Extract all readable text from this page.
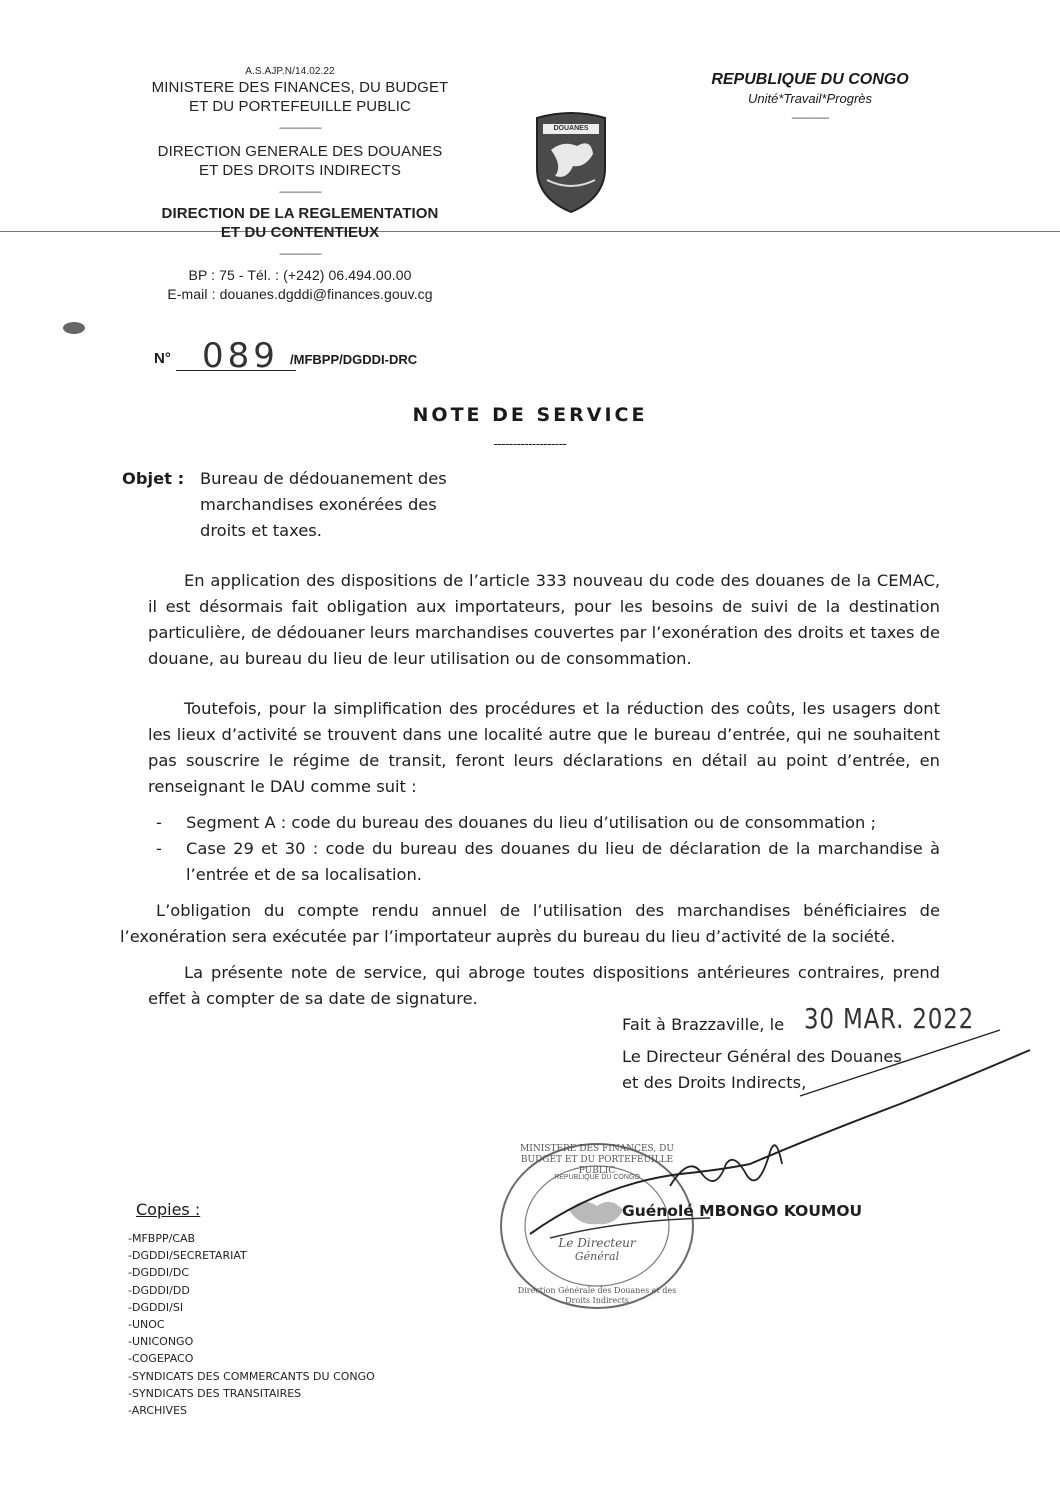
A.S.AJP.N/14.02.22
MINISTERE DES FINANCES, DU BUDGET
ET DU PORTEFEUILLE PUBLIC
------------------
DIRECTION GENERALE DES DOUANES
ET DES DROITS INDIRECTS
------------------
DIRECTION DE LA REGLEMENTATION
ET DU CONTENTIEUX
------------------
BP : 75 - Tél. : (+242) 06.494.00.00
E-mail : douanes.dgddi@finances.gouv.cg
DOUANES
REPUBLIQUE DU CONGO
Unité*Travail*Progrès
----------------
N° 089 /MFBPP/DGDDI-DRC
NOTE DE SERVICE
-------------------
Objet : Bureau de dédouanement des
marchandises exonérées des
droits et taxes.
En application des dispositions de l’article 333 nouveau du code des douanes de la CEMAC,
il est désormais fait obligation aux importateurs, pour les besoins de suivi de la destination
particulière, de dédouaner leurs marchandises couvertes par l’exonération des droits et taxes de
douane, au bureau du lieu de leur utilisation ou de consommation.
Toutefois, pour la simplification des procédures et la réduction des coûts, les usagers dont
les lieux d’activité se trouvent dans une localité autre que le bureau d’entrée, qui ne souhaitent
pas souscrire le régime de transit, feront leurs déclarations en détail au point d’entrée, en
renseignant le DAU comme suit :
- Segment A : code du bureau des douanes du lieu d’utilisation ou de consommation ;
- Case 29 et 30 : code du bureau des douanes du lieu de déclaration de la marchandise à
l’entrée et de sa localisation.
L’obligation du compte rendu annuel de l’utilisation des marchandises bénéficiaires de
l’exonération sera exécutée par l’importateur auprès du bureau du lieu d’activité de la société.
La présente note de service, qui abroge toutes dispositions antérieures contraires, prend
effet à compter de sa date de signature.
Fait à Brazzaville, le 30 MAR. 2022
Le Directeur Général des Douanes
et des Droits Indirects,
MINISTERE DES FINANCES, DU BUDGET ET DU PORTEFEUILLE PUBLIC
REPUBLIQUE DU CONGO
Le Directeur
Général
Direction Générale des Douanes et des Droits Indirects
Guénolé MBONGO KOUMOU
Copies :
-MFBPP/CAB
-DGDDI/SECRETARIAT
-DGDDI/DC
-DGDDI/DD
-DGDDI/SI
-UNOC
-UNICONGO
-COGEPACO
-SYNDICATS DES COMMERCANTS DU CONGO
-SYNDICATS DES TRANSITAIRES
-ARCHIVES
